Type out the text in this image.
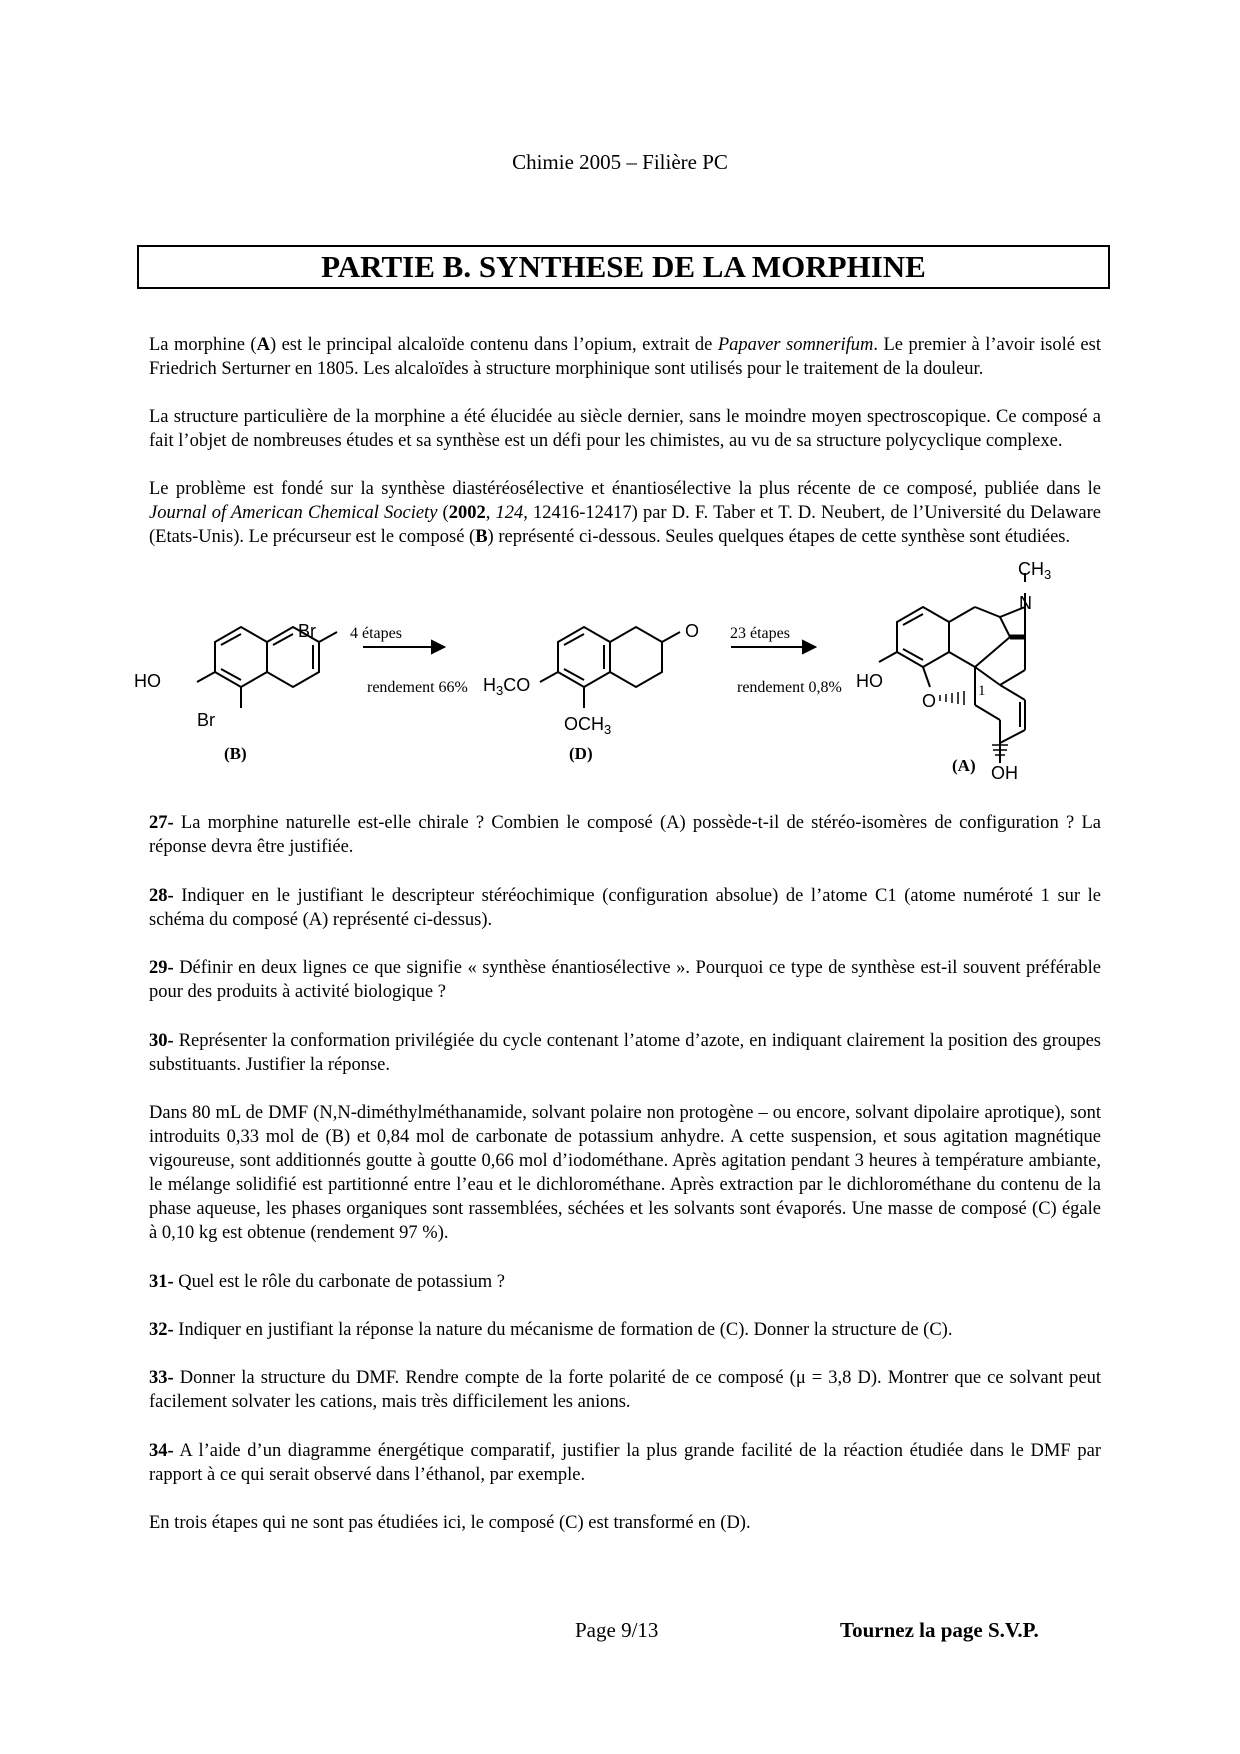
Chimie 2005 – Filière PC
PARTIE B. SYNTHESE DE LA MORPHINE
La morphine (A) est le principal alcaloïde contenu dans l’opium, extrait de Papaver somnerifum. Le premier à l’avoir isolé est Friedrich Serturner en 1805. Les alcaloïdes à structure morphinique sont utilisés pour le traitement de la douleur.
La structure particulière de la morphine a été élucidée au siècle dernier, sans le moindre moyen spectroscopique. Ce composé a fait l’objet de nombreuses études et sa synthèse est un défi pour les chimistes, au vu de sa structure polycyclique complexe.
Le problème est fondé sur la synthèse diastéréosélective et énantiosélective la plus récente de ce composé, publiée dans le Journal of American Chemical Society (2002, 124, 12416-12417) par D. F. Taber et T. D. Neubert, de l’Université du Delaware (Etats-Unis). Le précurseur est le composé (B) représenté ci-dessous. Seules quelques étapes de cette synthèse sont étudiées.
Br
HO
Br
(B)
4 étapes
rendement 66% $H_3CO$
O
$OCH_3$
(D)
23 étapes
rendement 0,8%
$CH_3$
N
HO
O	1
OH
(A)
27- La morphine naturelle est-elle chirale ? Combien le composé (A) possède-t-il de stéréo-isomères de configuration ? La réponse devra être justifiée.
28- Indiquer en le justifiant le descripteur stéréochimique (configuration absolue) de l’atome C1 (atome numéroté 1 sur le schéma du composé (A) représenté ci-dessus).
29- Définir en deux lignes ce que signifie « synthèse énantiosélective ». Pourquoi ce type de synthèse est-il souvent préférable pour des produits à activité biologique ?
30- Représenter la conformation privilégiée du cycle contenant l’atome d’azote, en indiquant clairement la position des groupes substituants. Justifier la réponse.
Dans 80 mL de DMF (N,N-diméthylméthanamide, solvant polaire non protogène – ou encore, solvant dipolaire aprotique), sont introduits 0,33 mol de (B) et 0,84 mol de carbonate de potassium anhydre. A cette suspension, et sous agitation magnétique vigoureuse, sont additionnés goutte à goutte 0,66 mol d’iodométhane. Après agitation pendant 3 heures à température ambiante, le mélange solidifié est partitionné entre l’eau et le dichlorométhane. Après extraction par le dichlorométhane du contenu de la phase aqueuse, les phases organiques sont rassemblées, séchées et les solvants sont évaporés. Une masse de composé (C) égale à 0,10 kg est obtenue (rendement 97 %).
31- Quel est le rôle du carbonate de potassium ?
32- Indiquer en justifiant la réponse la nature du mécanisme de formation de (C). Donner la structure de (C).
33- Donner la structure du DMF. Rendre compte de la forte polarité de ce composé (μ = 3,8 D). Montrer que ce solvant peut facilement solvater les cations, mais très difficilement les anions.
34- A l’aide d’un diagramme énergétique comparatif, justifier la plus grande facilité de la réaction étudiée dans le DMF par rapport à ce qui serait observé dans l’éthanol, par exemple.
En trois étapes qui ne sont pas étudiées ici, le composé (C) est transformé en (D).
Page 9/13	Tournez la page S.V.P.
